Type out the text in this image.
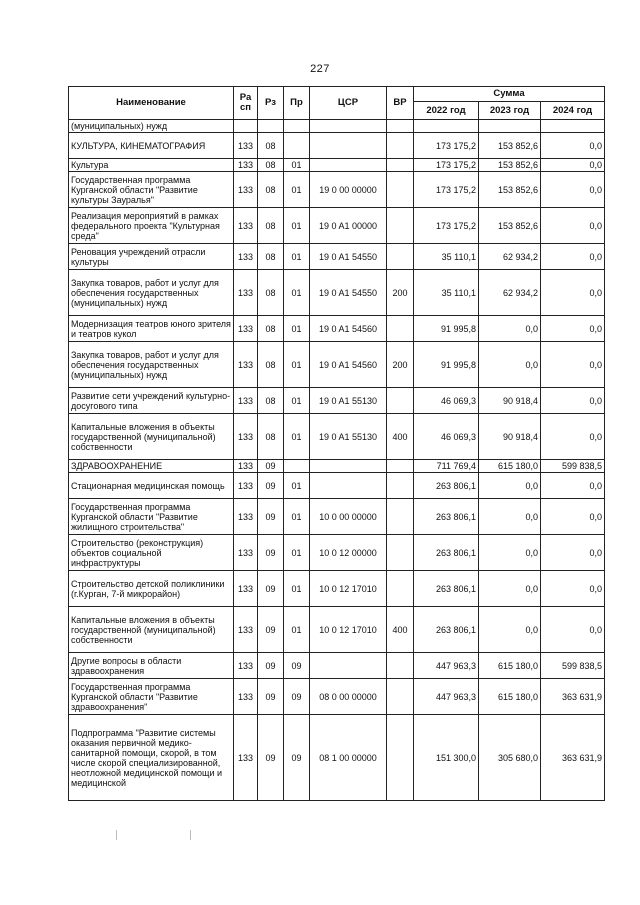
227
Наименование	Ра сп	Рз	Пр	ЦСР	ВР	Сумма		
						2022 год	2023 год	2024 год
(муниципальных) нужд								
КУЛЬТУРА, КИНЕМАТОГРАФИЯ	133	08				173 175,2	153 852,6	0,0
Культура	133	08	01			173 175,2	153 852,6	0,0
Государственная программа Курганской области "Развитие культуры Зауралья"	133	08	01	19 0 00 00000		173 175,2	153 852,6	0,0
Реализация мероприятий в рамках федерального проекта "Культурная среда"	133	08	01	19 0 A1 00000		173 175,2	153 852,6	0,0
Реновация учреждений отрасли культуры	133	08	01	19 0 A1 54550		35 110,1	62 934,2	0,0
Закупка товаров, работ и услуг для обеспечения государственных (муниципальных) нужд	133	08	01	19 0 A1 54550	200	35 110,1	62 934,2	0,0
Модернизация театров юного зрителя и театров кукол	133	08	01	19 0 A1 54560		91 995,8	0,0	0,0
Закупка товаров, работ и услуг для обеспечения государственных (муниципальных) нужд	133	08	01	19 0 A1 54560	200	91 995,8	0,0	0,0
Развитие сети учреждений культурно-досугового типа	133	08	01	19 0 A1 55130		46 069,3	90 918,4	0,0
Капитальные вложения в объекты государственной (муниципальной) собственности	133	08	01	19 0 A1 55130	400	46 069,3	90 918,4	0,0
ЗДРАВООХРАНЕНИЕ	133	09				711 769,4	615 180,0	599 838,5
Стационарная медицинская помощь	133	09	01			263 806,1	0,0	0,0
Государственная программа Курганской области "Развитие жилищного строительства"	133	09	01	10 0 00 00000		263 806,1	0,0	0,0
Строительство (реконструкция) объектов социальной инфраструктуры	133	09	01	10 0 12 00000		263 806,1	0,0	0,0
Строительство детской поликлиники (г.Курган, 7-й микрорайон)	133	09	01	10 0 12 17010		263 806,1	0,0	0,0
Капитальные вложения в объекты государственной (муниципальной) собственности	133	09	01	10 0 12 17010	400	263 806,1	0,0	0,0
Другие вопросы в области здравоохранения	133	09	09			447 963,3	615 180,0	599 838,5
Государственная программа Курганской области "Развитие здравоохранения"	133	09	09	08 0 00 00000		447 963,3	615 180,0	363 631,9
Подпрограмма "Развитие системы оказания первичной медико-санитарной помощи, скорой, в том числе скорой специализированной, неотложной медицинской помощи и медицинской	133	09	09	08 1 00 00000		151 300,0	305 680,0	363 631,9
